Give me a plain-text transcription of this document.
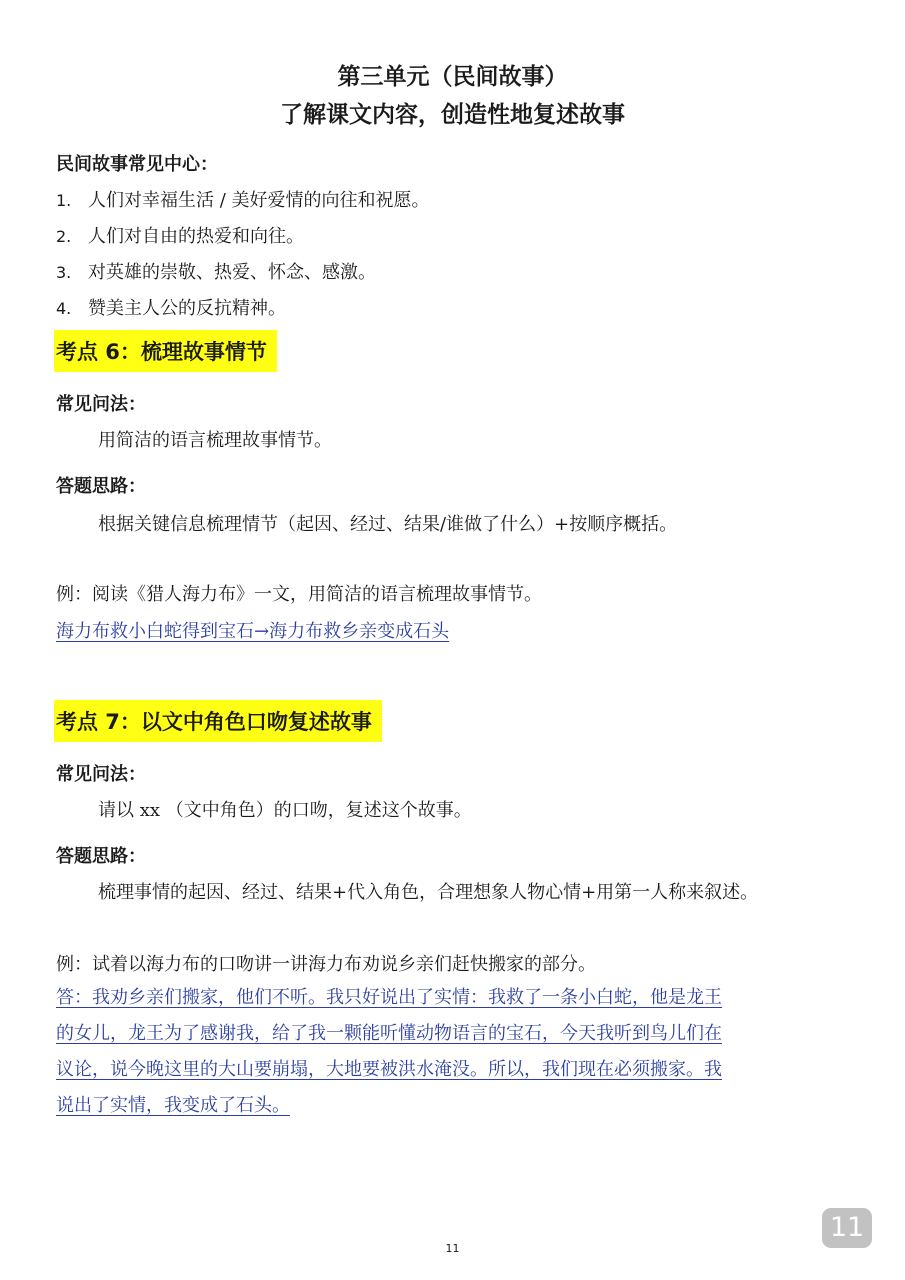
第三单元（民间故事）
了解课文内容，创造性地复述故事
民间故事常见中心：
1. 人们对幸福生活 / 美好爱情的向往和祝愿。
2. 人们对自由的热爱和向往。
3. 对英雄的崇敬、热爱、怀念、感激。
4. 赞美主人公的反抗精神。
考点 6：梳理故事情节
常见问法：
用简洁的语言梳理故事情节。
答题思路：
根据关键信息梳理情节（起因、经过、结果/谁做了什么）+按顺序概括。
例：阅读《猎人海力布》一文，用简洁的语言梳理故事情节。
海力布救小白蛇得到宝石→海力布救乡亲变成石头
考点 7：以文中角色口吻复述故事
常见问法：
请以 xx （文中角色）的口吻，复述这个故事。
答题思路：
梳理事情的起因、经过、结果+代入角色，合理想象人物心情+用第一人称来叙述。
例：试着以海力布的口吻讲一讲海力布劝说乡亲们赶快搬家的部分。
答：我劝乡亲们搬家，他们不听。我只好说出了实情：我救了一条小白蛇，他是龙王
的女儿，龙王为了感谢我，给了我一颗能听懂动物语言的宝石，今天我听到鸟儿们在
议论，说今晚这里的大山要崩塌，大地要被洪水淹没。所以，我们现在必须搬家。我
说出了实情，我变成了石头。
11
11
